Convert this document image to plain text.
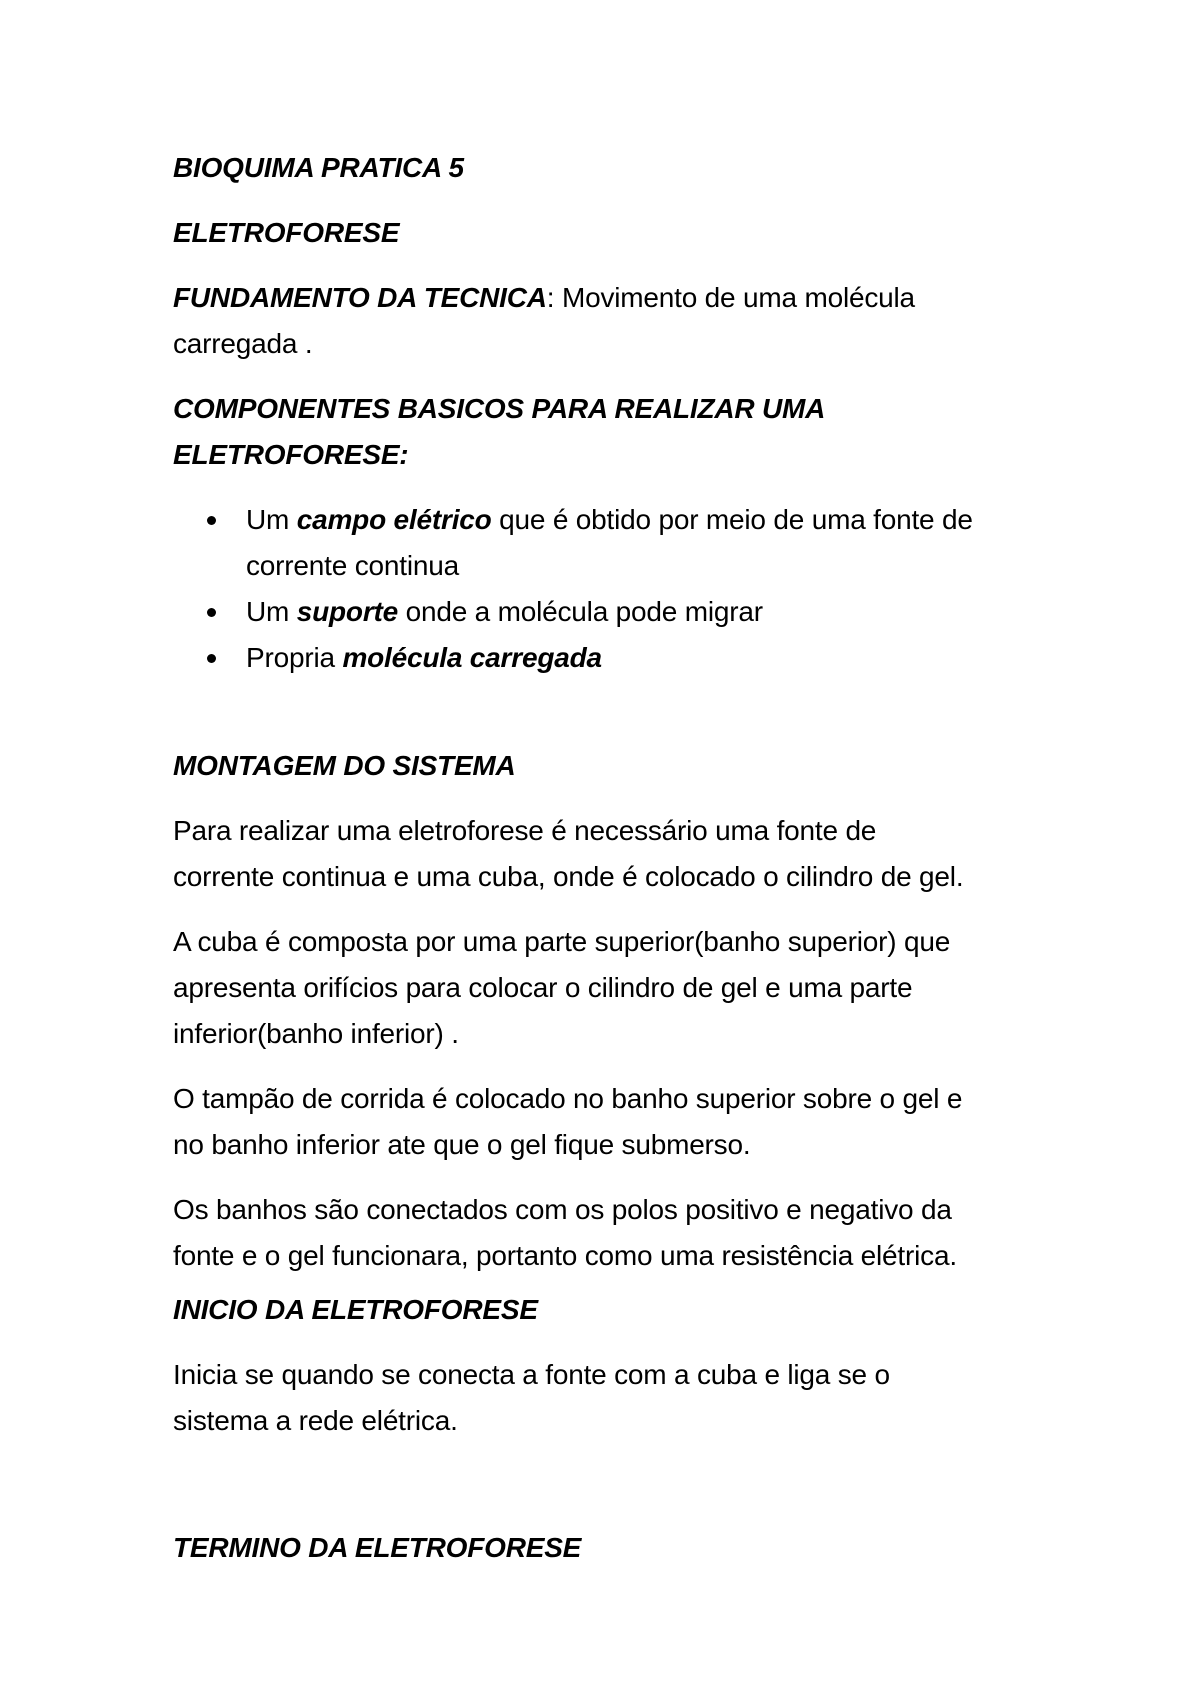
BIOQUIMA PRATICA 5
ELETROFORESE
FUNDAMENTO DA TECNICA: Movimento de uma molécula
carregada .
COMPONENTES BASICOS PARA REALIZAR UMA ELETROFORESE:
Um campo elétrico que é obtido por meio de uma fonte de
corrente continua
Um suporte onde a molécula pode migrar
Propria molécula carregada
MONTAGEM DO SISTEMA
Para realizar uma eletroforese é necessário uma fonte de
corrente continua e uma cuba, onde é colocado o cilindro de gel.
A cuba é composta por uma parte superior(banho superior) que
apresenta orifícios para colocar o cilindro de gel e uma parte
inferior(banho inferior) .
O tampão de corrida é colocado no banho superior sobre o gel e
no banho inferior ate que o gel fique submerso.
Os banhos são conectados com os polos positivo e negativo da
fonte e o gel funcionara, portanto como uma resistência elétrica.
INICIO DA ELETROFORESE
Inicia se quando se conecta a fonte com a cuba e liga se o
sistema a rede elétrica.
TERMINO DA ELETROFORESE
